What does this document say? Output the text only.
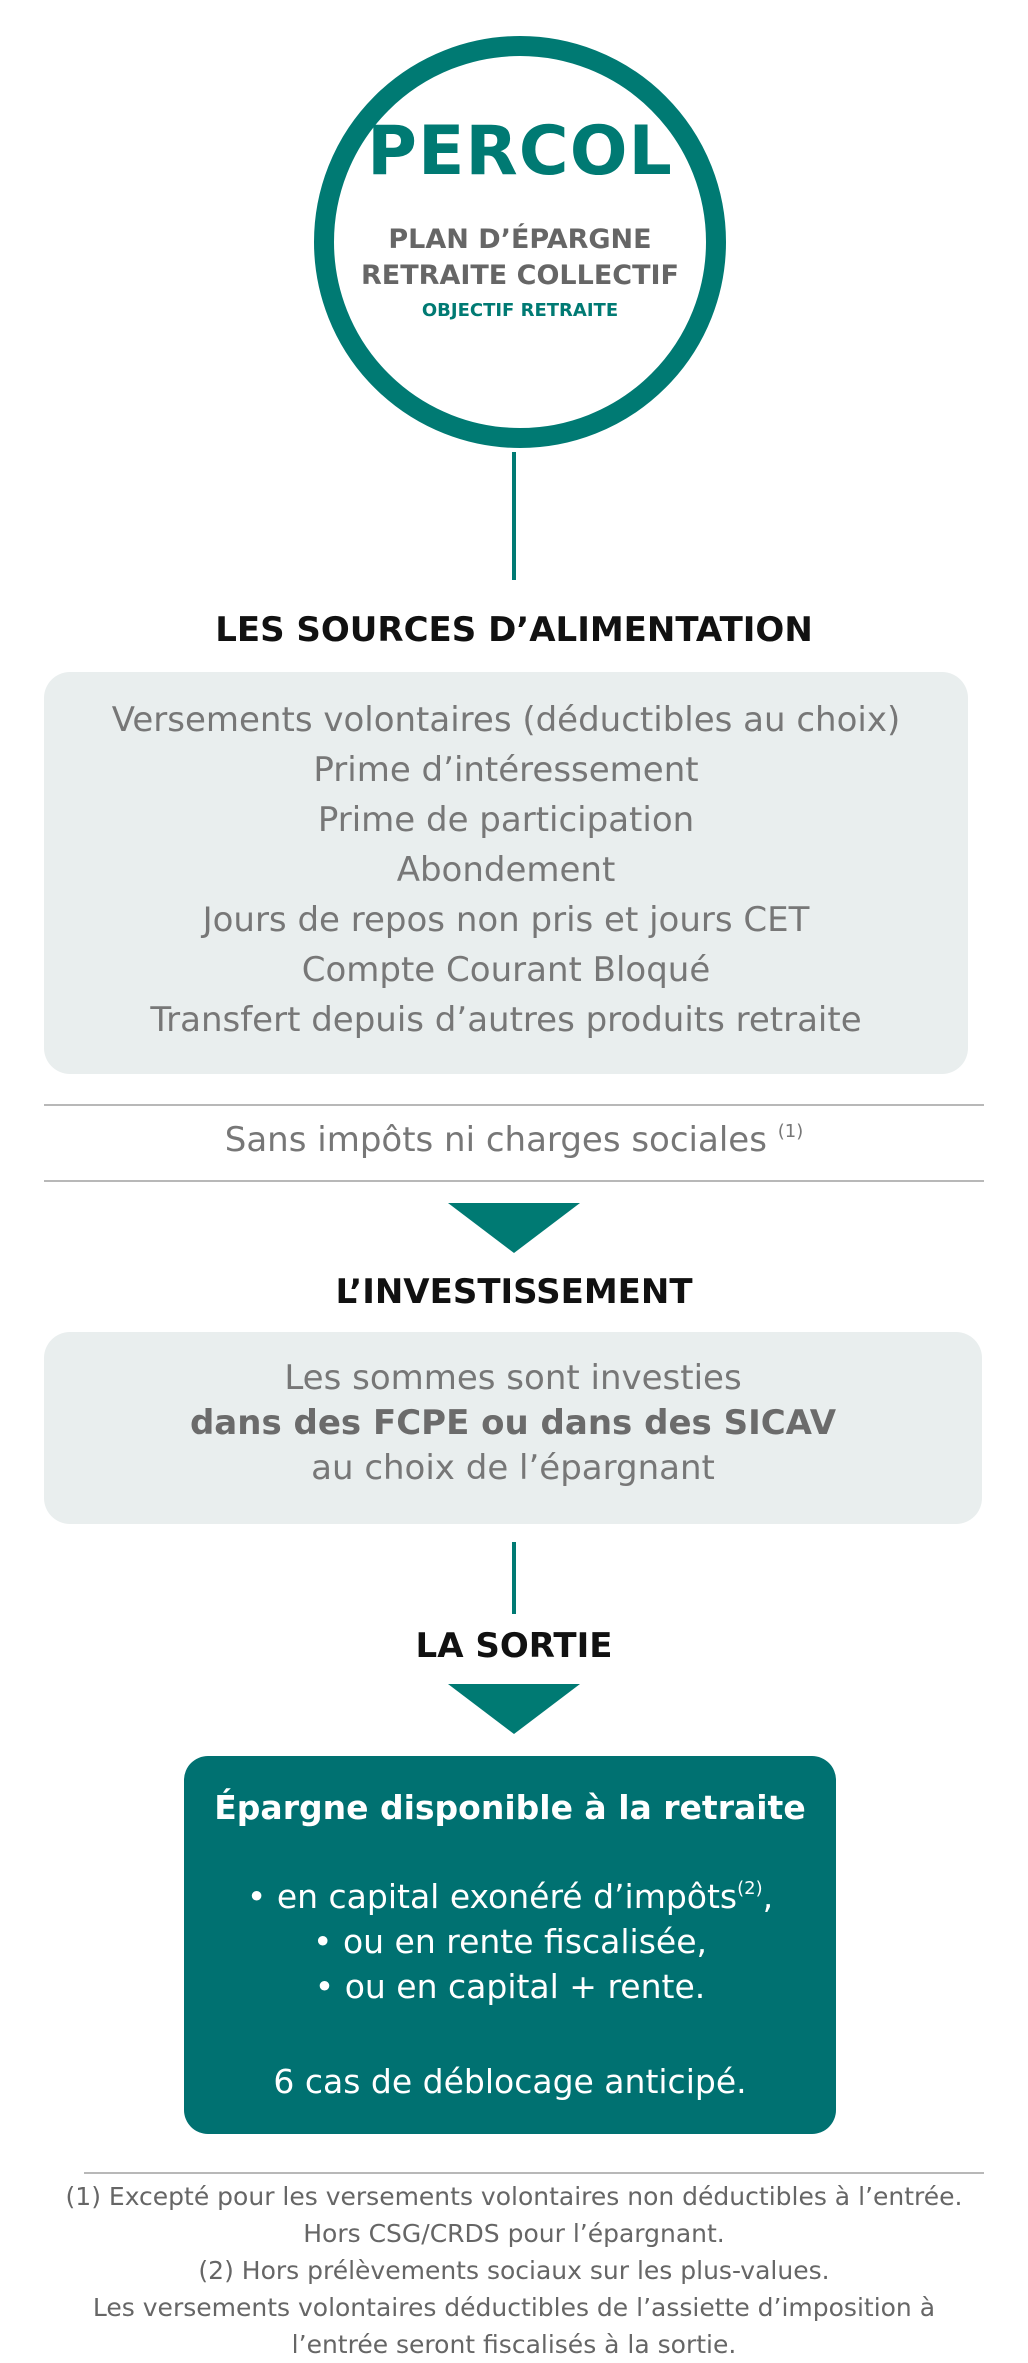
PERCOL
PLAN D’ÉPARGNE
RETRAITE COLLECTIF
OBJECTIF RETRAITE
LES SOURCES D’ALIMENTATION
Versements volontaires (déductibles au choix)
Prime d’intéressement
Prime de participation
Abondement
Jours de repos non pris et jours CET
Compte Courant Bloqué
Transfert depuis d’autres produits retraite
Sans impôts ni charges sociales $^{(1)}$
L’INVESTISSEMENT
Les sommes sont investies
dans des FCPE ou dans des SICAV
au choix de l’épargnant
LA SORTIE
Épargne disponible à la retraite
• en capital exonéré d’impôts$^{(2)}$,
• ou en rente fiscalisée,
• ou en capital + rente.
6 cas de déblocage anticipé.
(1) Excepté pour les versements volontaires non déductibles à l’entrée.
Hors CSG/CRDS pour l’épargnant.
(2) Hors prélèvements sociaux sur les plus-values.
Les versements volontaires déductibles de l’assiette d’imposition à
l’entrée seront fiscalisés à la sortie.
